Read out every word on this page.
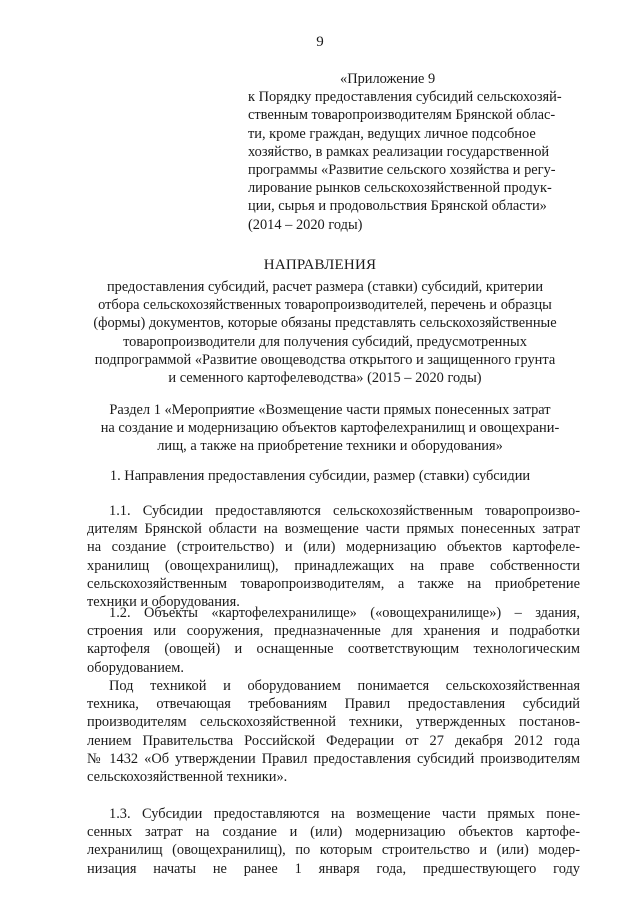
9
«Приложение 9
к Порядку предоставления субсидий сельскохозяй-
ственным товаропроизводителям Брянской облас-
ти, кроме граждан, ведущих личное подсобное
хозяйство, в рамках реализации государственной
программы «Развитие сельского хозяйства и регу-
лирование рынков сельскохозяйственной продук-
ции, сырья и продовольствия Брянской области»
(2014 – 2020 годы)
НАПРАВЛЕНИЯ
предоставления субсидий, расчет размера (ставки) субсидий, критерии
отбора сельскохозяйственных товаропроизводителей, перечень и образцы
(формы) документов, которые обязаны представлять сельскохозяйственные
товаропроизводители для получения субсидий, предусмотренных
подпрограммой «Развитие овощеводства открытого и защищенного грунта
и семенного картофелеводства» (2015 – 2020 годы)
Раздел 1 «Мероприятие «Возмещение части прямых понесенных затрат
на создание и модернизацию объектов картофелехранилищ и овощехрани-
лищ, а также на приобретение техники и оборудования»
1. Направления предоставления субсидии, размер (ставки) субсидии
1.1. Субсидии предоставляются сельскохозяйственным товаропроизво-
дителям Брянской области на возмещение части прямых понесенных затрат
на создание (строительство) и (или) модернизацию объектов картофеле-
хранилищ (овощехранилищ), принадлежащих на праве собственности
сельскохозяйственным товаропроизводителям, а также на приобретение
техники и оборудования.
1.2. Объекты «картофелехранилище» («овощехранилище») – здания,
строения или сооружения, предназначенные для хранения и подработки
картофеля (овощей) и оснащенные соответствующим технологическим
оборудованием.
Под техникой и оборудованием понимается сельскохозяйственная
техника, отвечающая требованиям Правил предоставления субсидий
производителям сельскохозяйственной техники, утвержденных постанов-
лением Правительства Российской Федерации от 27 декабря 2012 года
№ 1432 «Об утверждении Правил предоставления субсидий производителям
сельскохозяйственной техники».
1.3. Субсидии предоставляются на возмещение части прямых понe-
сенных затрат на создание и (или) модернизацию объектов картофе-
лехранилищ (овощехранилищ), по которым строительство и (или) модер-
низация начаты не ранее 1 января года, предшествующего году
